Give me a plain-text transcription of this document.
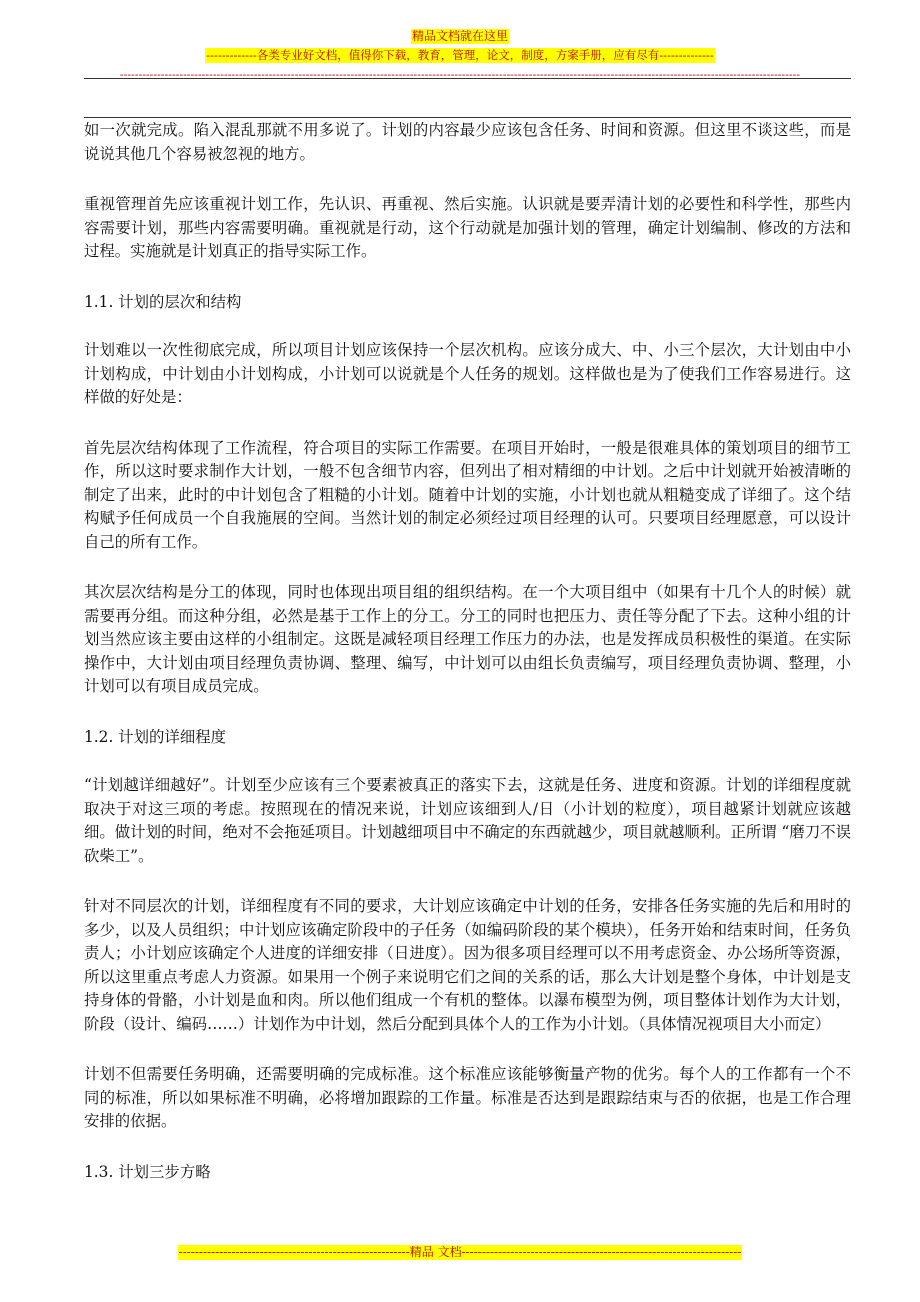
精品文档就在这里
-------------各类专业好文档，值得你下载，教育，管理，论文，制度，方案手册，应有尽有--------------
---------------------------------------------------------------------------------------------------------------------------------------------------------------------------------------

如一次就完成。陷入混乱那就不用多说了。计划的内容最少应该包含任务、时间和资源。但这里不谈这些，而是说说其他几个容易被忽视的地方。

重视管理首先应该重视计划工作，先认识、再重视、然后实施。认识就是要弄清计划的必要性和科学性，那些内容需要计划，那些内容需要明确。重视就是行动，这个行动就是加强计划的管理，确定计划编制、修改的方法和过程。实施就是计划真正的指导实际工作。

1.1. 计划的层次和结构

计划难以一次性彻底完成，所以项目计划应该保持一个层次机构。应该分成大、中、小三个层次，大计划由中小计划构成，中计划由小计划构成，小计划可以说就是个人任务的规划。这样做也是为了使我们工作容易进行。这样做的好处是：

首先层次结构体现了工作流程，符合项目的实际工作需要。在项目开始时，一般是很难具体的策划项目的细节工作，所以这时要求制作大计划，一般不包含细节内容，但列出了相对精细的中计划。之后中计划就开始被清晰的制定了出来，此时的中计划包含了粗糙的小计划。随着中计划的实施，小计划也就从粗糙变成了详细了。这个结构赋予任何成员一个自我施展的空间。当然计划的制定必须经过项目经理的认可。只要项目经理愿意，可以设计自己的所有工作。

其次层次结构是分工的体现，同时也体现出项目组的组织结构。在一个大项目组中（如果有十几个人的时候）就需要再分组。而这种分组，必然是基于工作上的分工。分工的同时也把压力、责任等分配了下去。这种小组的计划当然应该主要由这样的小组制定。这既是减轻项目经理工作压力的办法，也是发挥成员积极性的渠道。在实际操作中，大计划由项目经理负责协调、整理、编写，中计划可以由组长负责编写，项目经理负责协调、整理，小计划可以有项目成员完成。

1.2. 计划的详细程度

“计划越详细越好”。计划至少应该有三个要素被真正的落实下去，这就是任务、进度和资源。计划的详细程度就取决于对这三项的考虑。按照现在的情况来说，计划应该细到人/日（小计划的粒度），项目越紧计划就应该越细。做计划的时间，绝对不会拖延项目。计划越细项目中不确定的东西就越少，项目就越顺利。正所谓 “磨刀不误砍柴工”。

针对不同层次的计划，详细程度有不同的要求，大计划应该确定中计划的任务，安排各任务实施的先后和用时的多少，以及人员组织；中计划应该确定阶段中的子任务（如编码阶段的某个模块），任务开始和结束时间，任务负责人；小计划应该确定个人进度的详细安排（日进度）。因为很多项目经理可以不用考虑资金、办公场所等资源，所以这里重点考虑人力资源。如果用一个例子来说明它们之间的关系的话，那么大计划是整个身体，中计划是支持身体的骨骼，小计划是血和肉。所以他们组成一个有机的整体。以瀑布模型为例，项目整体计划作为大计划，阶段（设计、编码……）计划作为中计划，然后分配到具体个人的工作为小计划。（具体情况视项目大小而定）

计划不但需要任务明确，还需要明确的完成标准。这个标准应该能够衡量产物的优劣。每个人的工作都有一个不同的标准，所以如果标准不明确，必将增加跟踪的工作量。标准是否达到是跟踪结束与否的依据，也是工作合理安排的依据。

1.3. 计划三步方略

---------------------------------------------------------精品 文档---------------------------------------------------------------------
